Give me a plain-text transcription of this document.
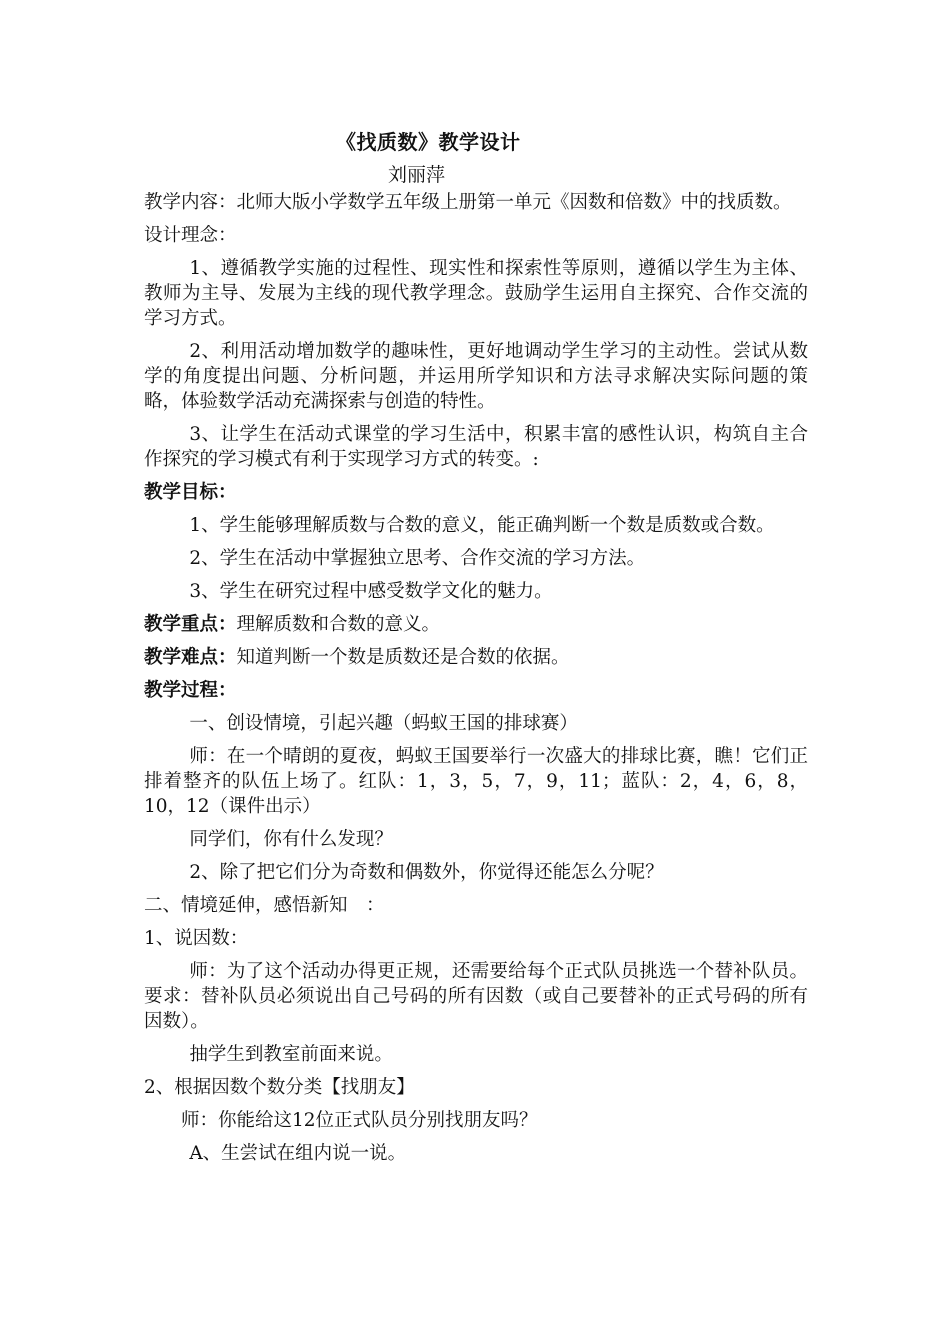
《找质数》教学设计
刘丽萍
教学内容： 北师大版小学数学五年级上册第一单元《因数和倍数》中的找质数。

设计理念：

1、遵循教学实施的过程性、现实性和探索性等原则，遵循以学生为主体、教师为主导、发展为主线的现代教学理念。鼓励学生运用自主探究、合作交流的学习方式。

2、利用活动增加数学的趣味性，更好地调动学生学习的主动性。尝试从数学的角度提出问题、分析问题，并运用所学知识和方法寻求解决实际问题的策略，体验数学活动充满探索与创造的特性。

3、让学生在活动式课堂的学习生活中，积累丰富的感性认识，构筑自主合作探究的学习模式有利于实现学习方式的转变。:

教学目标：

1、学生能够理解质数与合数的意义，能正确判断一个数是质数或合数。

2、学生在活动中掌握独立思考、合作交流的学习方法。

3、学生在研究过程中感受数学文化的魅力。

教学重点：理解质数和合数的意义。

教学难点：知道判断一个数是质数还是合数的依据。

教学过程：

一、创设情境，引起兴趣（蚂蚁王国的排球赛）

师：在一个晴朗的夏夜，蚂蚁王国要举行一次盛大的排球比赛，瞧！它们正排着整齐的队伍上场了。红队：1，3，5，7，9，11；蓝队：2，4，6，8，10，12（课件出示）

同学们，你有什么发现？

2、除了把它们分为奇数和偶数外，你觉得还能怎么分呢？

二、情境延伸，感悟新知　：

1、说因数：

师：为了这个活动办得更正规，还需要给每个正式队员挑选一个替补队员。要求：替补队员必须说出自己号码的所有因数（或自己要替补的正式号码的所有因数）。

抽学生到教室前面来说。

2、根据因数个数分类【找朋友】

师：你能给这12位正式队员分别找朋友吗？

A、生尝试在组内说一说。
